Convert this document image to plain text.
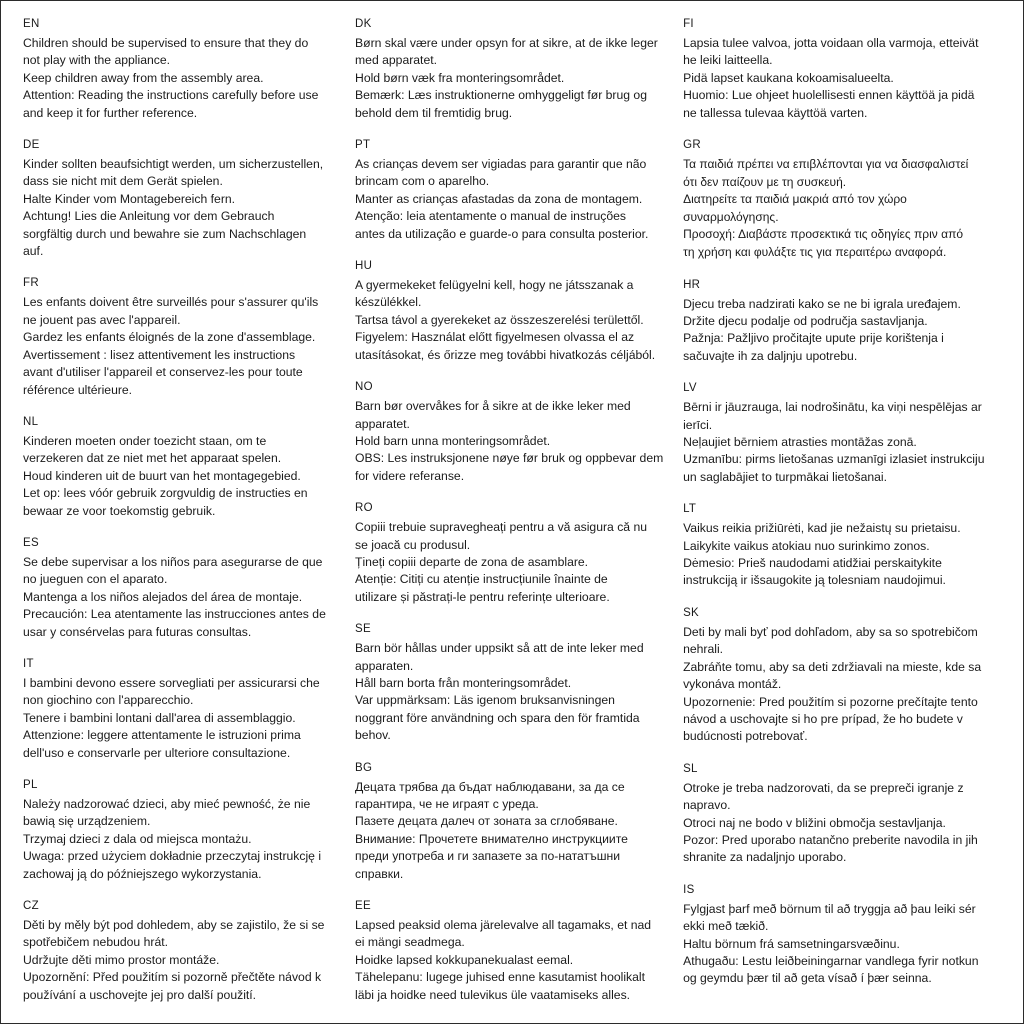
EN
Children should be supervised to ensure that they do
not play with the appliance.
Keep children away from the assembly area.
Attention: Reading the instructions carefully before use
and keep it for further reference.
DE
Kinder sollten beaufsichtigt werden, um sicherzustellen,
dass sie nicht mit dem Gerät spielen.
Halte Kinder vom Montagebereich fern.
Achtung! Lies die Anleitung vor dem Gebrauch
sorgfältig durch und bewahre sie zum Nachschlagen
auf.
FR
Les enfants doivent être surveillés pour s'assurer qu'ils
ne jouent pas avec l'appareil.
Gardez les enfants éloignés de la zone d'assemblage.
Avertissement : lisez attentivement les instructions
avant d'utiliser l'appareil et conservez-les pour toute
référence ultérieure.
NL
Kinderen moeten onder toezicht staan, om te
verzekeren dat ze niet met het apparaat spelen.
Houd kinderen uit de buurt van het montagegebied.
Let op: lees vóór gebruik zorgvuldig de instructies en
bewaar ze voor toekomstig gebruik.
ES
Se debe supervisar a los niños para asegurarse de que
no jueguen con el aparato.
Mantenga a los niños alejados del área de montaje.
Precaución: Lea atentamente las instrucciones antes de
usar y consérvelas para futuras consultas.
IT
I bambini devono essere sorvegliati per assicurarsi che
non giochino con l'apparecchio.
Tenere i bambini lontani dall'area di assemblaggio.
Attenzione: leggere attentamente le istruzioni prima
dell'uso e conservarle per ulteriore consultazione.
PL
Należy nadzorować dzieci, aby mieć pewność, że nie
bawią się urządzeniem.
Trzymaj dzieci z dala od miejsca montażu.
Uwaga: przed użyciem dokładnie przeczytaj instrukcję i
zachowaj ją do późniejszego wykorzystania.
CZ
Děti by měly být pod dohledem, aby se zajistilo, že si se
spotřebičem nebudou hrát.
Udržujte děti mimo prostor montáže.
Upozornění: Před použitím si pozorně přečtěte návod k
používání a uschovejte jej pro další použití.
DK
Børn skal være under opsyn for at sikre, at de ikke leger
med apparatet.
Hold børn væk fra monteringsområdet.
Bemærk: Læs instruktionerne omhyggeligt før brug og
behold dem til fremtidig brug.
PT
As crianças devem ser vigiadas para garantir que não
brincam com o aparelho.
Manter as crianças afastadas da zona de montagem.
Atenção: leia atentamente o manual de instruções
antes da utilização e guarde-o para consulta posterior.
HU
A gyermekeket felügyelni kell, hogy ne játsszanak a
készülékkel.
Tartsa távol a gyerekeket az összeszerelési területtől.
Figyelem: Használat előtt figyelmesen olvassa el az
utasításokat, és őrizze meg további hivatkozás céljából.
NO
Barn bør overvåkes for å sikre at de ikke leker med
apparatet.
Hold barn unna monteringsområdet.
OBS: Les instruksjonene nøye før bruk og oppbevar dem
for videre referanse.
RO
Copiii trebuie supravegheați pentru a vă asigura că nu
se joacă cu produsul.
Țineți copiii departe de zona de asamblare.
Atenție: Citiți cu atenție instrucțiunile înainte de
utilizare și păstrați-le pentru referințe ulterioare.
SE
Barn bör hållas under uppsikt så att de inte leker med
apparaten.
Håll barn borta från monteringsområdet.
Var uppmärksam: Läs igenom bruksanvisningen
noggrant före användning och spara den för framtida
behov.
BG
Децата трябва да бъдат наблюдавани, за да се
гарантира, че не играят с уреда.
Пазете децата далеч от зоната за сглобяване.
Внимание: Прочетете внимателно инструкциите
преди употреба и ги запазете за по-нататъшни
справки.
EE
Lapsed peaksid olema järelevalve all tagamaks, et nad
ei mängi seadmega.
Hoidke lapsed kokkupanekualast eemal.
Tähelepanu: lugege juhised enne kasutamist hoolikalt
läbi ja hoidke need tulevikus üle vaatamiseks alles.
FI
Lapsia tulee valvoa, jotta voidaan olla varmoja, etteivät
he leiki laitteella.
Pidä lapset kaukana kokoamisalueelta.
Huomio: Lue ohjeet huolellisesti ennen käyttöä ja pidä
ne tallessa tulevaa käyttöä varten.
GR
Τα παιδιά πρέπει να επιβλέπονται για να διασφαλιστεί
ότι δεν παίζουν με τη συσκευή.
Διατηρείτε τα παιδιά μακριά από τον χώρο
συναρμολόγησης.
Προσοχή: Διαβάστε προσεκτικά τις οδηγίες πριν από
τη χρήση και φυλάξτε τις για περαιτέρω αναφορά.
HR
Djecu treba nadzirati kako se ne bi igrala uređajem.
Držite djecu podalje od područja sastavljanja.
Pažnja: Pažljivo pročitajte upute prije korištenja i
sačuvajte ih za daljnju upotrebu.
LV
Bērni ir jāuzrauga, lai nodrošinātu, ka viņi nespēlējas ar
ierīci.
Neļaujiet bērniem atrasties montāžas zonā.
Uzmanību: pirms lietošanas uzmanīgi izlasiet instrukciju
un saglabājiet to turpmākai lietošanai.
LT
Vaikus reikia prižiūrėti, kad jie nežaistų su prietaisu.
Laikykite vaikus atokiau nuo surinkimo zonos.
Dėmesio: Prieš naudodami atidžiai perskaitykite
instrukciją ir išsaugokite ją tolesniam naudojimui.
SK
Deti by mali byť pod dohľadom, aby sa so spotrebičom
nehrali.
Zabráňte tomu, aby sa deti zdržiavali na mieste, kde sa
vykonáva montáž.
Upozornenie: Pred použitím si pozorne prečítajte tento
návod a uschovajte si ho pre prípad, že ho budete v
budúcnosti potrebovať.
SL
Otroke je treba nadzorovati, da se prepreči igranje z
napravo.
Otroci naj ne bodo v bližini območja sestavljanja.
Pozor: Pred uporabo natančno preberite navodila in jih
shranite za nadaljnjo uporabo.
IS
Fylgjast þarf með börnum til að tryggja að þau leiki sér
ekki með tækið.
Haltu börnum frá samsetningarsvæðinu.
Athugaðu: Lestu leiðbeiningarnar vandlega fyrir notkun
og geymdu þær til að geta vísað í þær seinna.
